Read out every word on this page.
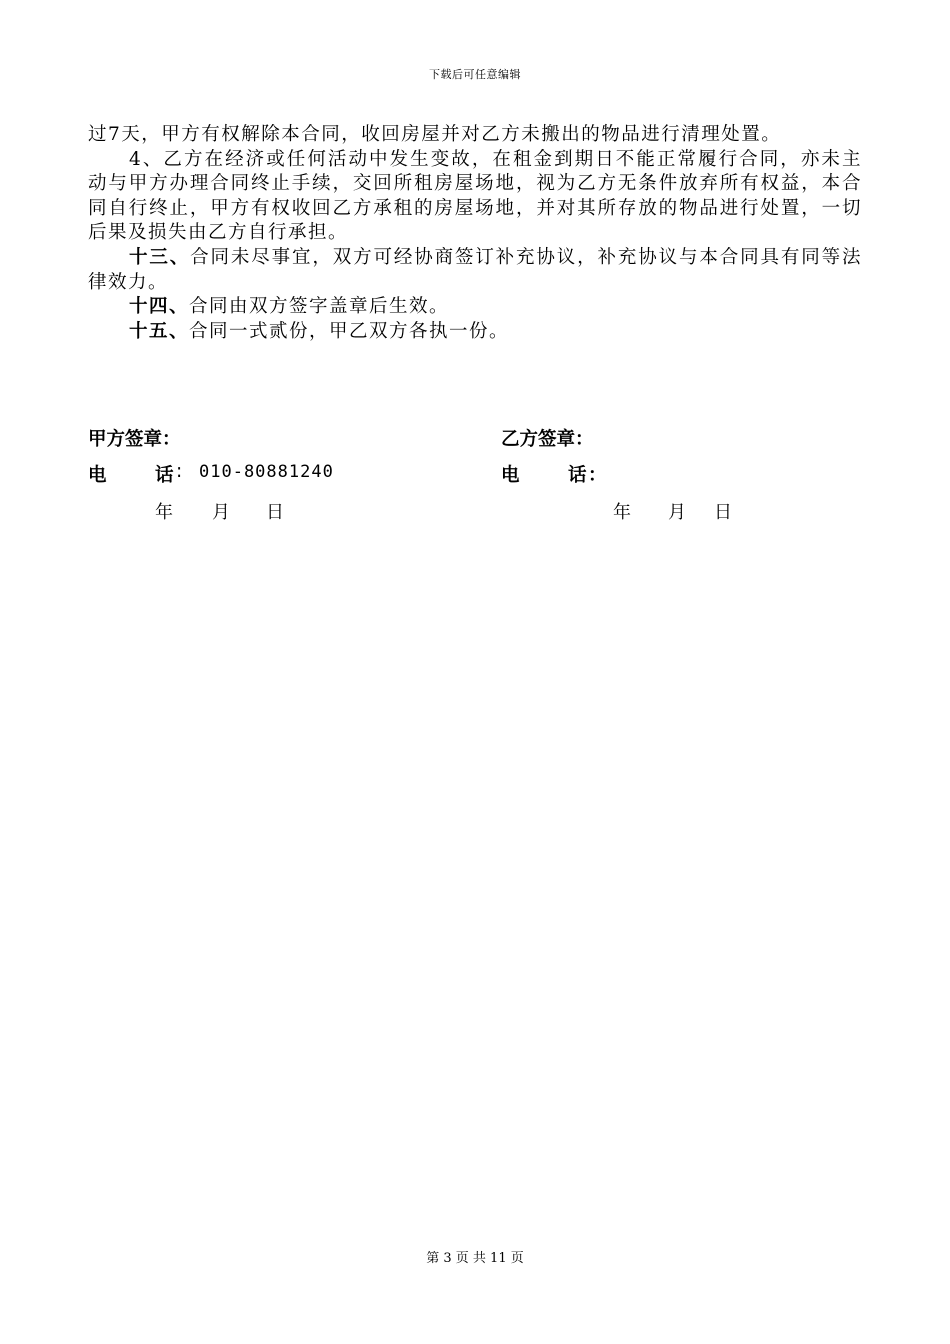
下载后可任意编辑

过7天，甲方有权解除本合同，收回房屋并对乙方未搬出的物品进行清理处置。

4、乙方在经济或任何活动中发生变故，在租金到期日不能正常履行合同，亦未主动与甲方办理合同终止手续，交回所租房屋场地，视为乙方无条件放弃所有权益，本合同自行终止，甲方有权收回乙方承租的房屋场地，并对其所存放的物品进行处置，一切后果及损失由乙方自行承担。

十三、合同未尽事宜，双方可经协商签订补充协议，补充协议与本合同具有同等法律效力。

十四、合同由双方签字盖章后生效。

十五、合同一式贰份，甲乙双方各执一份。

甲方签章：
电	话 : 010-80881240
年 月 日
乙方签章：
电	话 ：
年 月 日
第 3 页 共 11 页
